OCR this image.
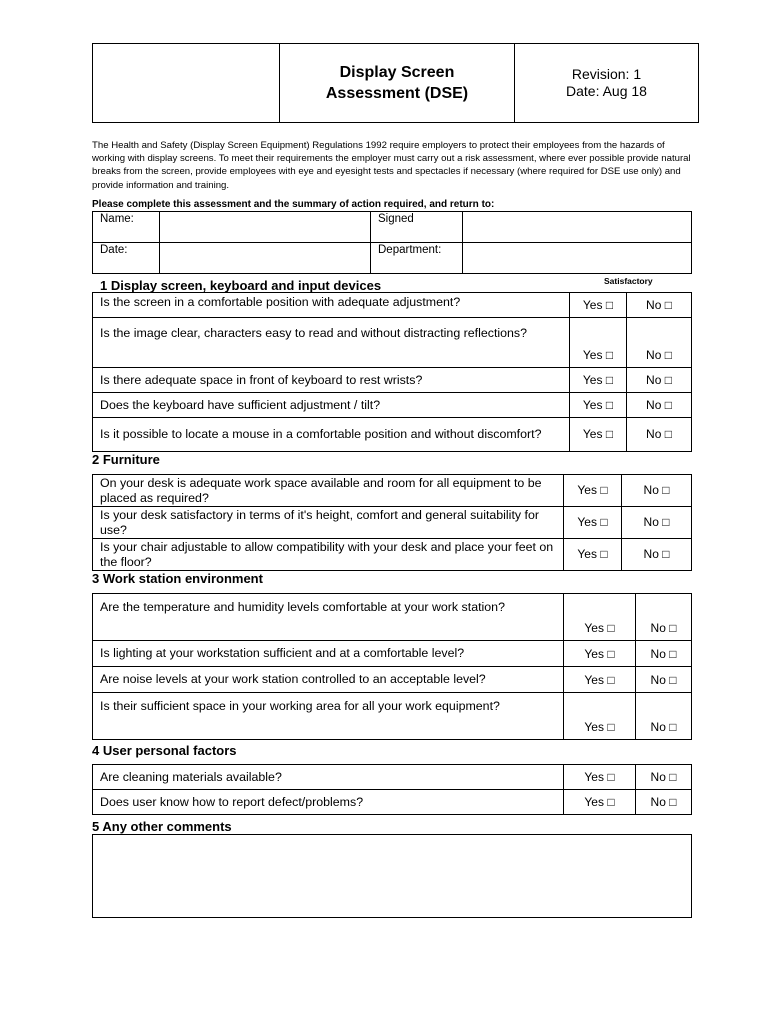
Display Screen
Assessment (DSE)

Revision: 1
Date: Aug 18

The Health and Safety (Display Screen Equipment) Regulations 1992 require employers to protect their employees from the hazards of working with display screens. To meet their requirements the employer must carry out a risk assessment, where ever possible provide natural breaks from the screen, provide employees with eye and eyesight tests and spectacles if necessary (where required for DSE use only) and provide information and training.

Please complete this assessment and the summary of action required, and return to:

Name:		Signed	
Date:		Department:	
1 Display screen, keyboard and input devices	Satisfactory
Is the screen in a comfortable position with adequate adjustment?	Yes □	No □
Is the image clear, characters easy to read and without distracting reflections?	Yes □	No □
Is there adequate space in front of keyboard to rest wrists?	Yes □	No □
Does the keyboard have sufficient adjustment / tilt?	Yes □	No □
Is it possible to locate a mouse in a comfortable position and without discomfort?	Yes □	No □
2 Furniture
On your desk is adequate work space available and room for all equipment to be placed as required?	Yes □	No □
Is your desk satisfactory in terms of it's height, comfort and general suitability for use?	Yes □	No □
Is your chair adjustable to allow compatibility with your desk and place your feet on the floor?	Yes □	No □
3 Work station environment
Are the temperature and humidity levels comfortable at your work station?	Yes □	No □
Is lighting at your workstation sufficient and at a comfortable level?	Yes □	No □
Are noise levels at your work station controlled to an acceptable level?	Yes □	No □
Is their sufficient space in your working area for all your work equipment?	Yes □	No □
4 User personal factors
Are cleaning materials available?	Yes □	No □
Does user know how to report defect/problems?	Yes □	No □
5 Any other comments
